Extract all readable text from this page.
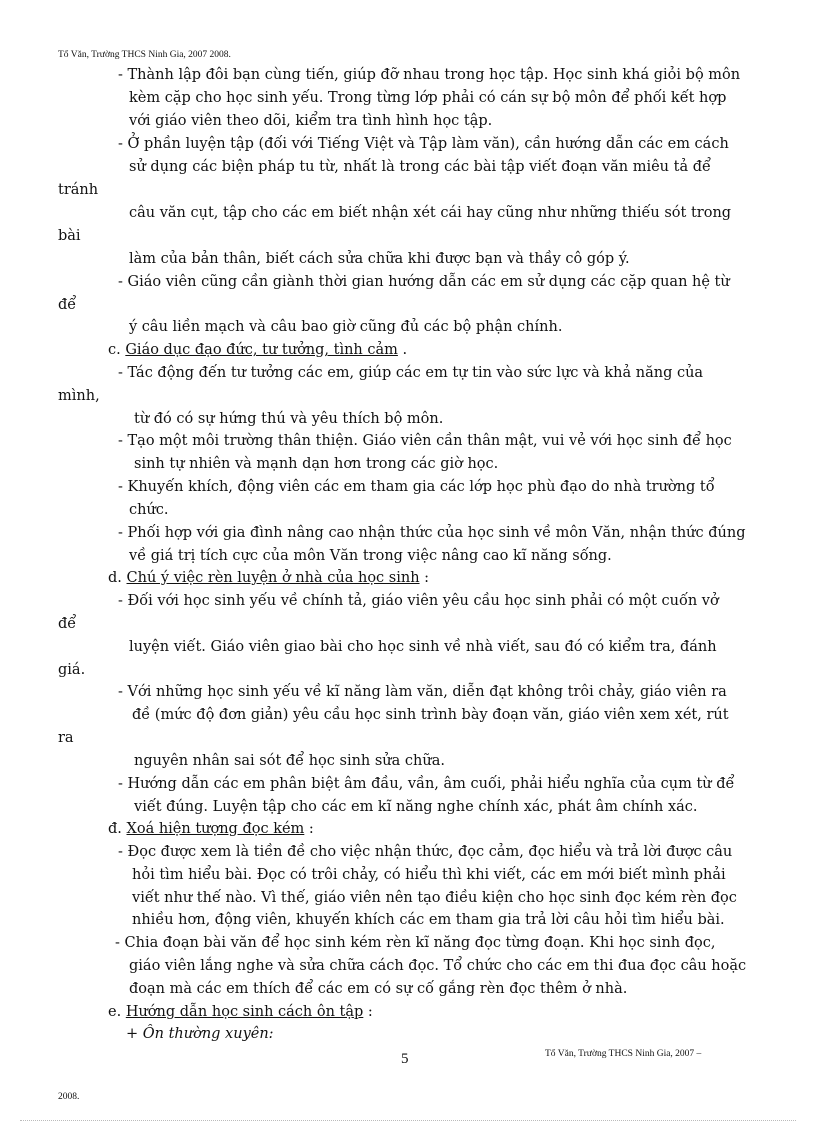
Tổ Văn, Trường THCS Ninh Gia, 2007 2008.
- Thành lập đôi bạn cùng tiến, giúp đỡ nhau trong học tập. Học sinh khá giỏi bộ môn
kèm cặp cho học sinh yếu. Trong từng lớp phải có cán sự bộ môn để phối kết hợp
với giáo viên theo dõi, kiểm tra tình hình học tập.
- Ở phần luyện tập (đối với Tiếng Việt và Tập làm văn), cần hướng dẫn các em cách
sử dụng các biện pháp tu từ, nhất là trong các bài tập viết đoạn văn miêu tả để
tránh
câu văn cụt, tập cho các em biết nhận xét cái hay cũng như những thiếu sót trong
bài
làm của bản thân, biết cách sửa chữa khi được bạn và thầy cô góp ý.
- Giáo viên cũng cần giành thời gian hướng dẫn các em sử dụng các cặp quan hệ từ
để
ý câu liền mạch và câu bao giờ cũng đủ các bộ phận chính.
c. Giáo dục đạo đức, tư tưởng, tình cảm .
- Tác động đến tư tưởng các em, giúp các em tự tin vào sức lực và khả năng của
mình,
từ đó có sự hứng thú và yêu thích bộ môn.
- Tạo một môi trường thân thiện. Giáo viên cần thân mật, vui vẻ với học sinh để học
sinh tự nhiên và mạnh dạn hơn trong các giờ học.
- Khuyến khích, động viên các em tham gia các lớp học phù đạo do nhà trường tổ
chức.
- Phối hợp với gia đình nâng cao nhận thức của học sinh về môn Văn, nhận thức đúng
về giá trị tích cực của môn Văn trong việc nâng cao kĩ năng sống.
d. Chú ý việc rèn luyện ở nhà của học sinh :
- Đối với học sinh yếu về chính tả, giáo viên yêu cầu học sinh phải có một cuốn vở
để
luyện viết. Giáo viên giao bài cho học sinh về nhà viết, sau đó có kiểm tra, đánh
giá.
- Với những học sinh yếu về kĩ năng làm văn, diễn đạt không trôi chảy, giáo viên ra
đề (mức độ đơn giản) yêu cầu học sinh trình bày đoạn văn, giáo viên xem xét, rút
ra
nguyên nhân sai sót để học sinh sửa chữa.
- Hướng dẫn các em phân biệt âm đầu, vần, âm cuối, phải hiểu nghĩa của cụm từ để
viết đúng. Luyện tập cho các em kĩ năng nghe chính xác, phát âm chính xác.
đ. Xoá hiện tượng đọc kém :
- Đọc được xem là tiền đề cho việc nhận thức, đọc cảm, đọc hiểu và trả lời được câu
hỏi tìm hiểu bài. Đọc có trôi chảy, có hiểu thì khi viết, các em mới biết mình phải
viết như thế nào. Vì thế, giáo viên nên tạo điều kiện cho học sinh đọc kém rèn đọc
nhiều hơn, động viên, khuyến khích các em tham gia trả lời câu hỏi tìm hiểu bài.
- Chia đoạn bài văn để học sinh kém rèn kĩ năng đọc từng đoạn. Khi học sinh đọc,
giáo viên lắng nghe và sửa chữa cách đọc. Tổ chức cho các em thi đua đọc câu hoặc
đoạn mà các em thích để các em có sự cố gắng rèn đọc thêm ở nhà.
e. Hướng dẫn học sinh cách ôn tập :
+ Ôn thường xuyên:
5	Tổ Văn, Trường THCS Ninh Gia, 2007 –
2008.
